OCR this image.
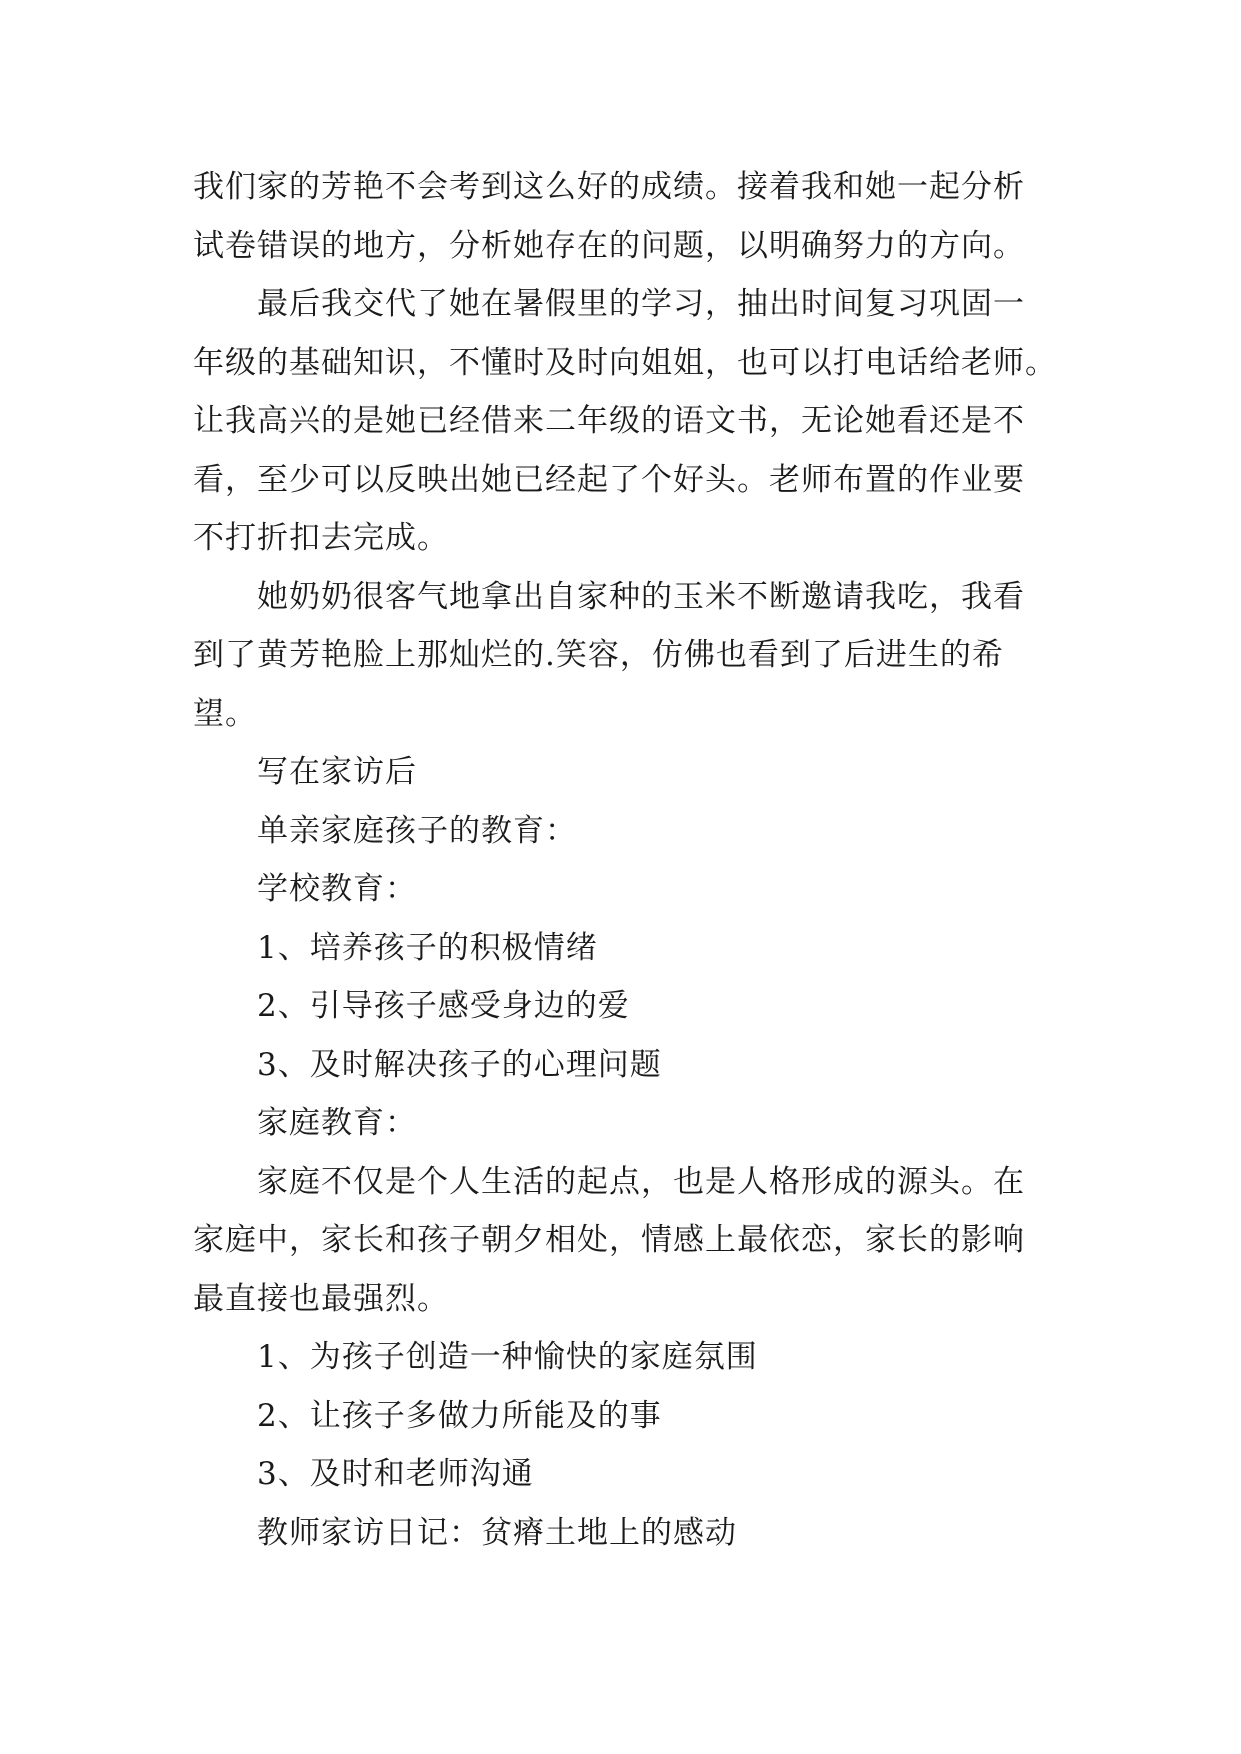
我们家的芳艳不会考到这么好的成绩。接着我和她一起分析
试卷错误的地方，分析她存在的问题，以明确努力的方向。
最后我交代了她在暑假里的学习，抽出时间复习巩固一
年级的基础知识，不懂时及时向姐姐，也可以打电话给老师。
让我高兴的是她已经借来二年级的语文书，无论她看还是不
看，至少可以反映出她已经起了个好头。老师布置的作业要
不打折扣去完成。
她奶奶很客气地拿出自家种的玉米不断邀请我吃，我看
到了黄芳艳脸上那灿烂的.笑容，仿佛也看到了后进生的希
望。
写在家访后
单亲家庭孩子的教育：
学校教育：
1、培养孩子的积极情绪
2、引导孩子感受身边的爱
3、及时解决孩子的心理问题
家庭教育：
家庭不仅是个人生活的起点，也是人格形成的源头。在
家庭中，家长和孩子朝夕相处，情感上最依恋，家长的影响
最直接也最强烈。
1、为孩子创造一种愉快的家庭氛围
2、让孩子多做力所能及的事
3、及时和老师沟通
教师家访日记：贫瘠土地上的感动
